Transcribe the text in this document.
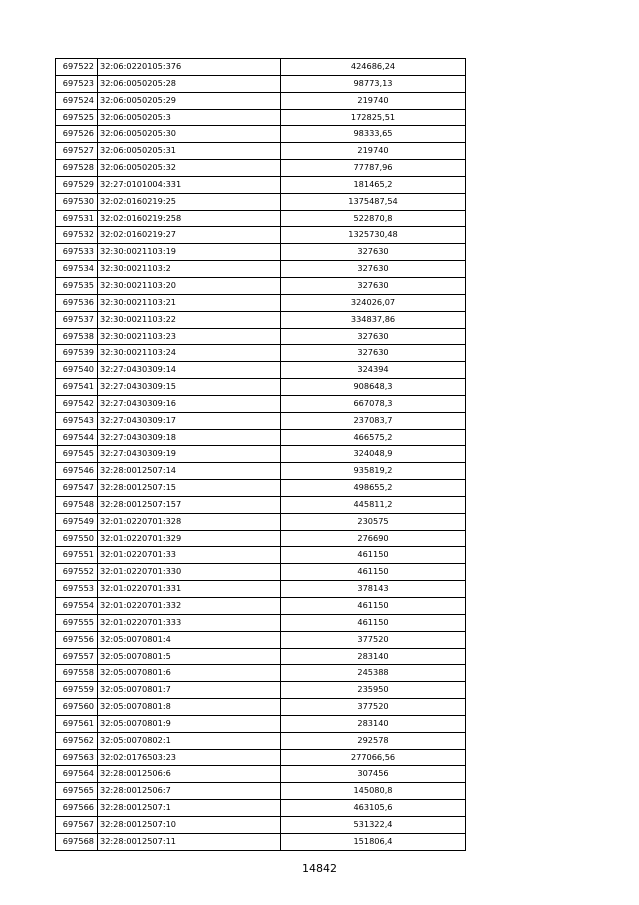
697522	32:06:0220105:376	424686,24
697523	32:06:0050205:28	98773,13
697524	32:06:0050205:29	219740
697525	32:06:0050205:3	172825,51
697526	32:06:0050205:30	98333,65
697527	32:06:0050205:31	219740
697528	32:06:0050205:32	77787,96
697529	32:27:0101004:331	181465,2
697530	32:02:0160219:25	1375487,54
697531	32:02:0160219:258	522870,8
697532	32:02:0160219:27	1325730,48
697533	32:30:0021103:19	327630
697534	32:30:0021103:2	327630
697535	32:30:0021103:20	327630
697536	32:30:0021103:21	324026,07
697537	32:30:0021103:22	334837,86
697538	32:30:0021103:23	327630
697539	32:30:0021103:24	327630
697540	32:27:0430309:14	324394
697541	32:27:0430309:15	908648,3
697542	32:27:0430309:16	667078,3
697543	32:27:0430309:17	237083,7
697544	32:27:0430309:18	466575,2
697545	32:27:0430309:19	324048,9
697546	32:28:0012507:14	935819,2
697547	32:28:0012507:15	498655,2
697548	32:28:0012507:157	445811,2
697549	32:01:0220701:328	230575
697550	32:01:0220701:329	276690
697551	32:01:0220701:33	461150
697552	32:01:0220701:330	461150
697553	32:01:0220701:331	378143
697554	32:01:0220701:332	461150
697555	32:01:0220701:333	461150
697556	32:05:0070801:4	377520
697557	32:05:0070801:5	283140
697558	32:05:0070801:6	245388
697559	32:05:0070801:7	235950
697560	32:05:0070801:8	377520
697561	32:05:0070801:9	283140
697562	32:05:0070802:1	292578
697563	32:02:0176503:23	277066,56
697564	32:28:0012506:6	307456
697565	32:28:0012506:7	145080,8
697566	32:28:0012507:1	463105,6
697567	32:28:0012507:10	531322,4
697568	32:28:0012507:11	151806,4
14842
